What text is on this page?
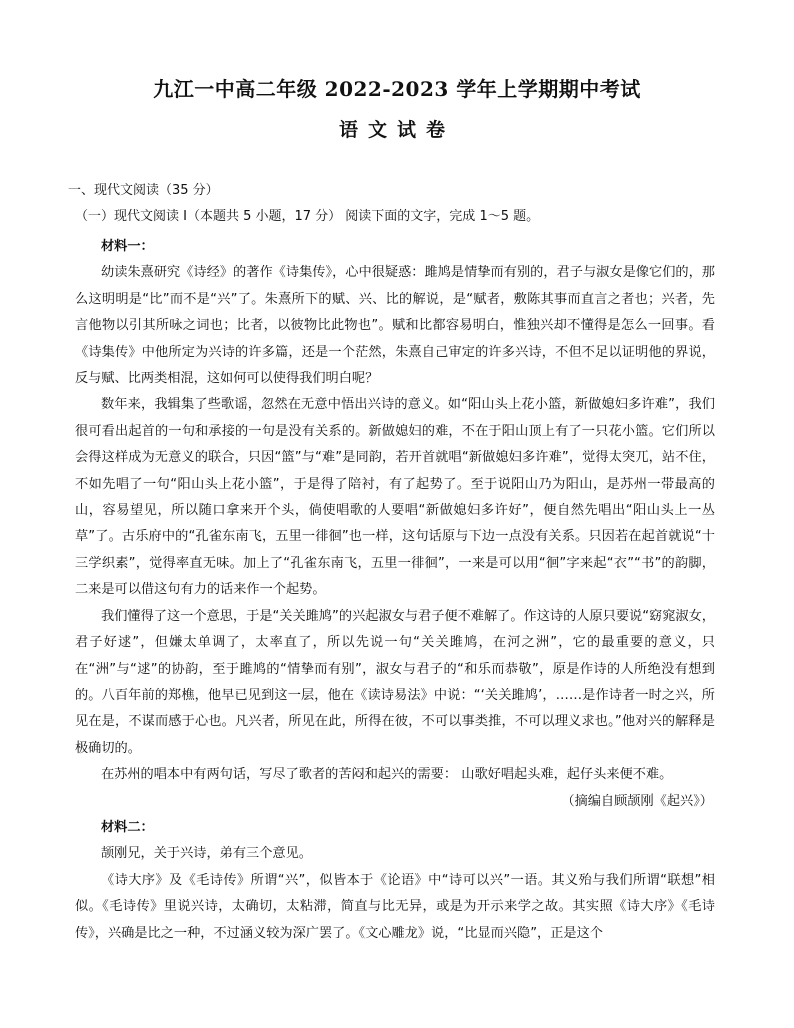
九江一中高二年级 2022-2023 学年上学期期中考试
语文试卷
一、现代文阅读（35 分）
（一）现代文阅读 I（本题共 5 小题，17 分） 阅读下面的文字，完成 1～5 题。

材料一：

幼读朱熹研究《诗经》的著作《诗集传》，心中很疑惑：雎鸠是情挚而有别的，君子与淑女是像它们的，那么这明明是“比”而不是“兴”了。朱熹所下的赋、兴、比的解说，是“赋者，敷陈其事而直言之者也；兴者，先言他物以引其所咏之词也；比者，以彼物比此物也”。赋和比都容易明白，惟独兴却不懂得是怎么一回事。看《诗集传》中他所定为兴诗的许多篇，还是一个茫然，朱熹自己审定的许多兴诗，不但不足以证明他的界说，反与赋、比两类相混，这如何可以使得我们明白呢？

数年来，我辑集了些歌谣，忽然在无意中悟出兴诗的意义。如“阳山头上花小篮，新做媳妇多许难”，我们很可看出起首的一句和承接的一句是没有关系的。新做媳妇的难，不在于阳山顶上有了一只花小篮。它们所以会得这样成为无意义的联合，只因“篮”与“难”是同韵，若开首就唱“新做媳妇多许难”，觉得太突兀，站不住，不如先唱了一句“阳山头上花小篮”，于是得了陪衬，有了起势了。至于说阳山乃为阳山，是苏州一带最高的山，容易望见，所以随口拿来开个头，倘使唱歌的人要唱“新做媳妇多许好”，便自然先唱出“阳山头上一丛草”了。古乐府中的“孔雀东南飞，五里一徘徊”也一样，这句话原与下边一点没有关系。只因若在起首就说“十三学织素”，觉得率直无味。加上了“孔雀东南飞，五里一徘徊”，一来是可以用“徊”字来起“衣”“书”的韵脚，二来是可以借这句有力的话来作一个起势。

我们懂得了这一个意思，于是“关关雎鸠”的兴起淑女与君子便不难解了。作这诗的人原只要说“窈窕淑女，君子好逑”，但嫌太单调了，太率直了，所以先说一句“关关雎鸠，在河之洲”，它的最重要的意义，只在“洲”与“逑”的协韵，至于雎鸠的“情挚而有别”，淑女与君子的“和乐而恭敬”，原是作诗的人所绝没有想到的。八百年前的郑樵，他早已见到这一层，他在《读诗易法》中说：“‘关关雎鸠’，……是作诗者一时之兴，所见在是，不谋而感于心也。凡兴者，所见在此，所得在彼，不可以事类推，不可以理义求也。”他对兴的解释是极确切的。

在苏州的唱本中有两句话，写尽了歌者的苦闷和起兴的需要： 山歌好唱起头难，起仔头来便不难。

（摘编自顾颉刚《起兴》）

材料二：

颉刚兄，关于兴诗，弟有三个意见。

《诗大序》及《毛诗传》所谓“兴”，似皆本于《论语》中“诗可以兴”一语。其义殆与我们所谓“联想”相似。《毛诗传》里说兴诗，太确切，太粘滞，简直与比无异，或是为开示来学之故。其实照《诗大序》《毛诗传》，兴确是比之一种，不过涵义较为深广罢了。《文心雕龙》说，“比显而兴隐”，正是这个
